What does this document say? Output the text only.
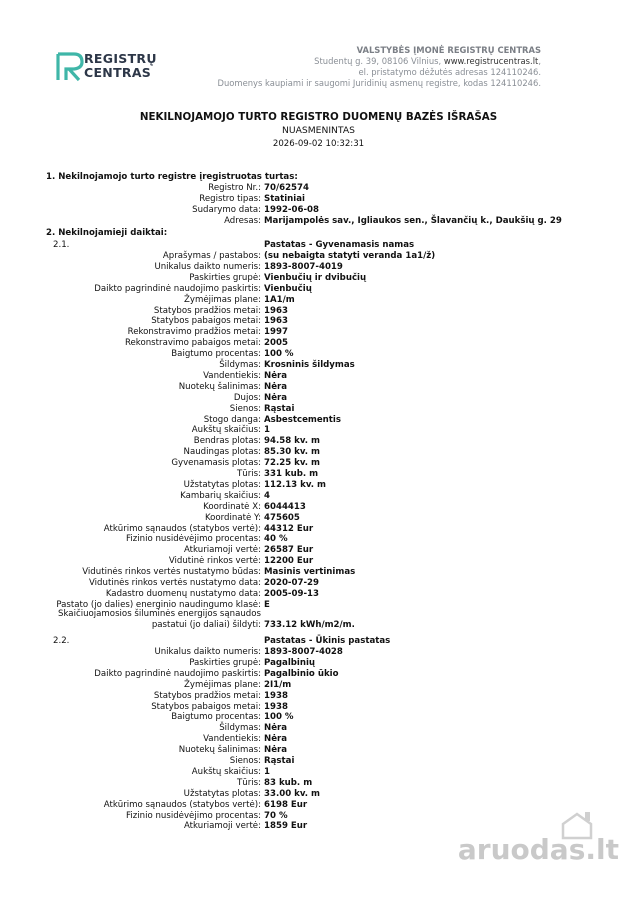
REGISTRŲ
CENTRAS
VALSTYBĖS ĮMONĖ REGISTRŲ CENTRAS
Studentų g. 39, 08106 Vilnius, www.registrucentras.lt,
el. pristatymo dėžutės adresas 124110246.
Duomenys kaupiami ir saugomi Juridinių asmenų registre, kodas 124110246.
NEKILNOJAMOJO TURTO REGISTRO DUOMENŲ BAZĖS IŠRAŠAS
NUASMENINTAS
2026-09-02 10:32:31
1. Nekilnojamojo turto registre įregistruotas turtas:
Registro Nr.: 70/62574
Registro tipas: Statiniai
Sudarymo data: 1992-06-08
Adresas: Marijampolės sav., Igliaukos sen., Šlavančių k., Daukšių g. 29
2. Nekilnojamieji daiktai:
2.1.	Pastatas - Gyvenamasis namas
Aprašymas / pastabos: (su nebaigta statyti veranda 1a1/ž)
Unikalus daikto numeris: 1893-8007-4019
Paskirties grupė: Vienbučių ir dvibučių
Daikto pagrindinė naudojimo paskirtis: Vienbučių
Žymėjimas plane: 1A1/m
Statybos pradžios metai: 1963
Statybos pabaigos metai: 1963
Rekonstravimo pradžios metai: 1997
Rekonstravimo pabaigos metai: 2005
Baigtumo procentas: 100 %
Šildymas: Krosninis šildymas
Vandentiekis: Nėra
Nuotekų šalinimas: Nėra
Dujos: Nėra
Sienos: Rąstai
Stogo danga: Asbestcementis
Aukštų skaičius: 1
Bendras plotas: 94.58 kv. m
Naudingas plotas: 85.30 kv. m
Gyvenamasis plotas: 72.25 kv. m
Tūris: 331 kub. m
Užstatytas plotas: 112.13 kv. m
Kambarių skaičius: 4
Koordinatė X: 6044413
Koordinatė Y: 475605
Atkūrimo sąnaudos (statybos vertė): 44312 Eur
Fizinio nusidėvėjimo procentas: 40 %
Atkuriamoji vertė: 26587 Eur
Vidutinė rinkos vertė: 12200 Eur
Vidutinės rinkos vertės nustatymo būdas: Masinis vertinimas
Vidutinės rinkos vertės nustatymo data: 2020-07-29
Kadastro duomenų nustatymo data: 2005-09-13
Pastato (jo dalies) energinio naudingumo klasė: E
Skaičiuojamosios šiluminės energijos sąnaudos
pastatui (jo daliai) šildyti: 733.12 kWh/m2/m.
2.2.	Pastatas - Ūkinis pastatas
Unikalus daikto numeris: 1893-8007-4028
Paskirties grupė: Pagalbinių
Daikto pagrindinė naudojimo paskirtis: Pagalbinio ūkio
Žymėjimas plane: 2I1/m
Statybos pradžios metai: 1938
Statybos pabaigos metai: 1938
Baigtumo procentas: 100 %
Šildymas: Nėra
Vandentiekis: Nėra
Nuotekų šalinimas: Nėra
Sienos: Rąstai
Aukštų skaičius: 1
Tūris: 83 kub. m
Užstatytas plotas: 33.00 kv. m
Atkūrimo sąnaudos (statybos vertė): 6198 Eur
Fizinio nusidėvėjimo procentas: 70 %
Atkuriamoji vertė: 1859 Eur
aruodas.lt
